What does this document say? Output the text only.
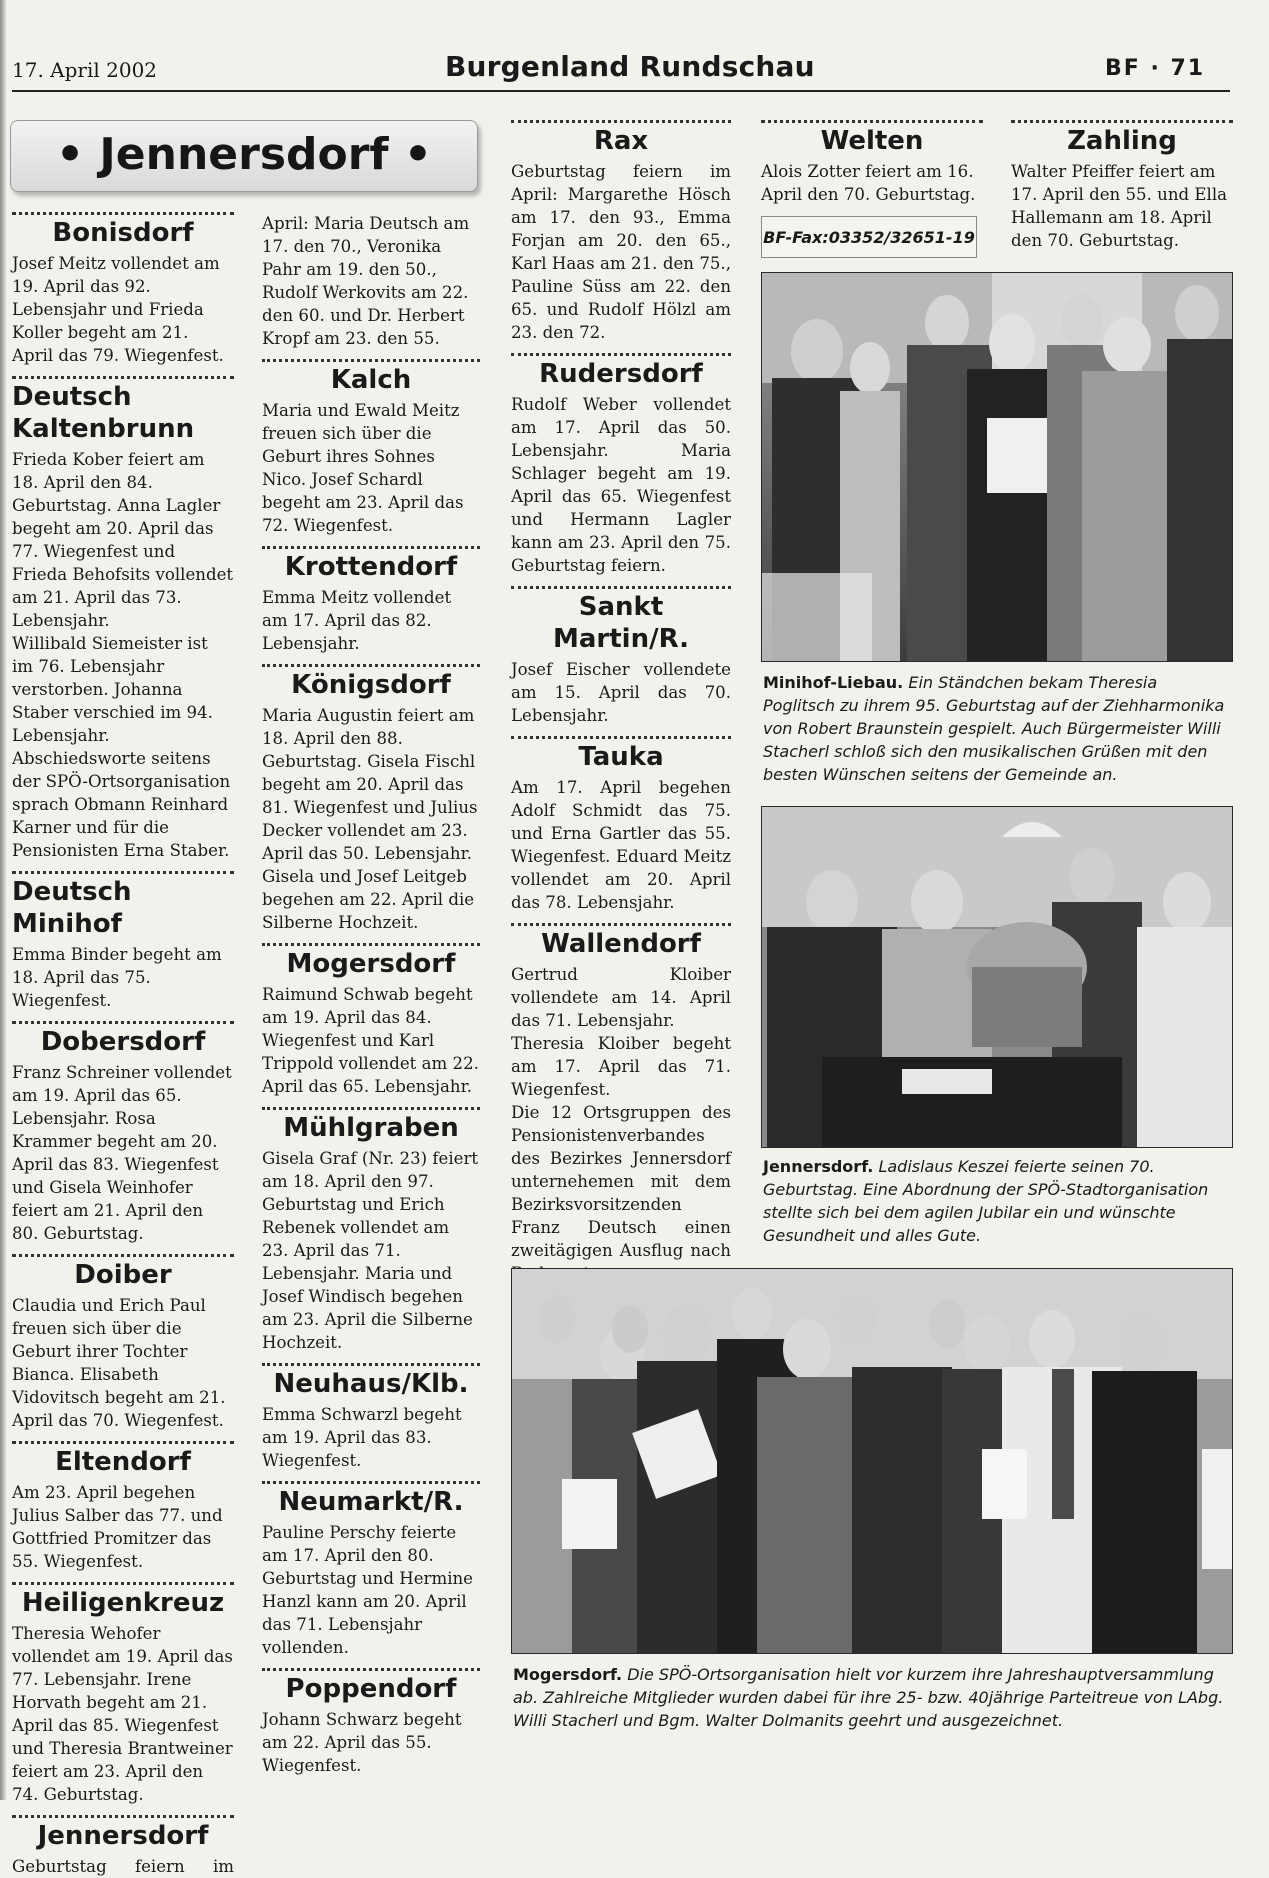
17. April 2002	Burgenland Rundschau	BF · 71
• Jennersdorf •
Bonisdorf

Josef Meitz vollendet am 19. April das 92. Lebensjahr und Frieda Koller begeht am 21. April das 79. Wiegenfest.

Deutsch Kaltenbrunn

Frieda Kober feiert am 18. April den 84. Geburtstag. Anna Lagler begeht am 20. April das 77. Wiegenfest und Frieda Behofsits vollendet am 21. April das 73. Lebensjahr.

Willibald Siemeister ist im 76. Lebensjahr verstorben. Johanna Staber verschied im 94. Lebensjahr. Abschiedsworte seitens der SPÖ-Ortsorganisation sprach Obmann Reinhard Karner und für die Pensionisten Erna Staber.

Deutsch Minihof

Emma Binder begeht am 18. April das 75. Wiegenfest.

Dobersdorf

Franz Schreiner vollendet am 19. April das 65. Lebensjahr. Rosa Krammer begeht am 20. April das 83. Wiegenfest und Gisela Weinhofer feiert am 21. April den 80. Geburtstag.

Doiber

Claudia und Erich Paul freuen sich über die Geburt ihrer Tochter Bianca. Elisabeth Vidovitsch begeht am 21. April das 70. Wiegenfest.

Eltendorf

Am 23. April begehen Julius Salber das 77. und Gottfried Promitzer das 55. Wiegenfest.

Heiligenkreuz

Theresia Wehofer vollendet am 19. April das 77. Lebensjahr. Irene Horvath begeht am 21. April das 85. Wiegenfest und Theresia Brantweiner feiert am 23. April den 74. Geburtstag.

Jennersdorf

Geburtstag feiern im

April: Maria Deutsch am 17. den 70., Veronika Pahr am 19. den 50., Rudolf Werkovits am 22. den 60. und Dr. Herbert Kropf am 23. den 55.

Kalch

Maria und Ewald Meitz freuen sich über die Geburt ihres Sohnes Nico. Josef Schardl begeht am 23. April das 72. Wiegenfest.

Krottendorf

Emma Meitz vollendet am 17. April das 82. Lebensjahr.

Königsdorf

Maria Augustin feiert am 18. April den 88. Geburtstag. Gisela Fischl begeht am 20. April das 81. Wiegenfest und Julius Decker vollendet am 23. April das 50. Lebensjahr.

Gisela und Josef Leitgeb begehen am 22. April die Silberne Hochzeit.

Mogersdorf

Raimund Schwab begeht am 19. April das 84. Wiegenfest und Karl Trippold vollendet am 22. April das 65. Lebensjahr.

Mühlgraben

Gisela Graf (Nr. 23) feiert am 18. April den 97. Geburtstag und Erich Rebenek vollendet am 23. April das 71. Lebensjahr. Maria und Josef Windisch begehen am 23. April die Silberne Hochzeit.

Neuhaus/Klb.

Emma Schwarzl begeht am 19. April das 83. Wiegenfest.

Neumarkt/R.

Pauline Perschy feierte am 17. April den 80. Geburtstag und Hermine Hanzl kann am 20. April das 71. Lebensjahr vollenden.

Poppendorf

Johann Schwarz begeht am 22. April das 55. Wiegenfest.

Rax

Geburtstag feiern im April: Margarethe Hösch am 17. den 93., Emma Forjan am 20. den 65., Karl Haas am 21. den 75., Pauline Süss am 22. den 65. und Rudolf Hölzl am 23. den 72.

Rudersdorf

Rudolf Weber vollendet am 17. April das 50. Lebensjahr. Maria Schlager begeht am 19. April das 65. Wiegenfest und Hermann Lagler kann am 23. April den 75. Geburtstag feiern.

Sankt Martin/R.

Josef Eischer vollendete am 15. April das 70. Lebensjahr.

Tauka

Am 17. April begehen Adolf Schmidt das 75. und Erna Gartler das 55. Wiegenfest. Eduard Meitz vollendet am 20. April das 78. Lebensjahr.

Wallendorf

Gertrud Kloiber vollendete am 14. April das 71. Lebensjahr.

Theresia Kloiber begeht am 17. April das 71. Wiegenfest.

Die 12 Ortsgruppen des Pensionistenverbandes des Bezirkes Jennersdorf unternehemen mit dem Bezirksvorsitzenden Franz Deutsch einen zweitägigen Ausflug nach

Welten

Alois Zotter feiert am 16. April den 70. Geburtstag.

BF-Fax:03352/32651-19
Zahling

Walter Pfeiffer feiert am 17. April den 55. und Ella Hallemann am 18. April den 70. Geburtstag.

Minihof-Liebau. Ein Ständchen bekam Theresia Poglitsch zu ihrem 95. Geburtstag auf der Ziehharmonika von Robert Braunstein gespielt. Auch Bürgermeister Willi Stacherl schloß sich den musikalischen Grüßen mit den besten Wünschen seitens der Gemeinde an.
Jennersdorf. Ladislaus Keszei feierte seinen 70. Geburtstag. Eine Abordnung der SPÖ-Stadtorganisation stellte sich bei dem agilen Jubilar ein und wünschte Gesundheit und alles Gute.
Mogersdorf. Die SPÖ-Ortsorganisation hielt vor kurzem ihre Jahreshauptversammlung ab. Zahlreiche Mitglieder wurden dabei für ihre 25- bzw. 40jährige Parteitreue von LAbg. Willi Stacherl und Bgm. Walter Dolmanits geehrt und ausgezeichnet.
